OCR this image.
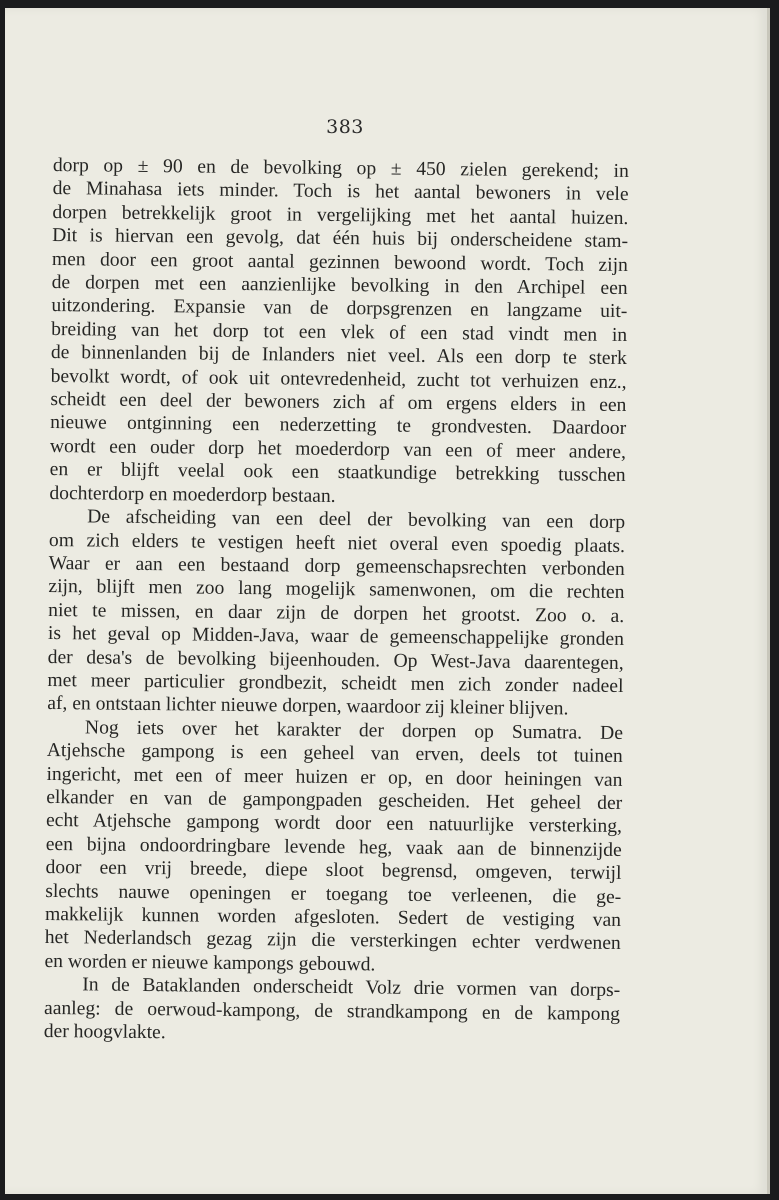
383
dorp op ± 90 en de bevolking op ± 450 zielen gerekend; in
de Minahasa iets minder. Toch is het aantal bewoners in vele
dorpen betrekkelijk groot in vergelijking met het aantal huizen.
Dit is hiervan een gevolg, dat één huis bij onderscheidene stam-
men door een groot aantal gezinnen bewoond wordt. Toch zijn
de dorpen met een aanzienlijke bevolking in den Archipel een
uitzondering. Expansie van de dorpsgrenzen en langzame uit-
breiding van het dorp tot een vlek of een stad vindt men in
de binnenlanden bij de Inlanders niet veel. Als een dorp te sterk
bevolkt wordt, of ook uit ontevredenheid, zucht tot verhuizen enz.,
scheidt een deel der bewoners zich af om ergens elders in een
nieuwe ontginning een nederzetting te grondvesten. Daardoor
wordt een ouder dorp het moederdorp van een of meer andere,
en er blijft veelal ook een staatkundige betrekking tusschen
dochterdorp en moederdorp bestaan.
De afscheiding van een deel der bevolking van een dorp
om zich elders te vestigen heeft niet overal even spoedig plaats.
Waar er aan een bestaand dorp gemeenschapsrechten verbonden
zijn, blijft men zoo lang mogelijk samenwonen, om die rechten
niet te missen, en daar zijn de dorpen het grootst. Zoo o. a.
is het geval op Midden-Java, waar de gemeenschappelijke gronden
der desa's de bevolking bijeenhouden. Op West-Java daarentegen,
met meer particulier grondbezit, scheidt men zich zonder nadeel
af, en ontstaan lichter nieuwe dorpen, waardoor zij kleiner blijven.
Nog iets over het karakter der dorpen op Sumatra. De
Atjehsche gampong is een geheel van erven, deels tot tuinen
ingericht, met een of meer huizen er op, en door heiningen van
elkander en van de gampongpaden gescheiden. Het geheel der
echt Atjehsche gampong wordt door een natuurlijke versterking,
een bijna ondoordringbare levende heg, vaak aan de binnenzijde
door een vrij breede, diepe sloot begrensd, omgeven, terwijl
slechts nauwe openingen er toegang toe verleenen, die ge-
makkelijk kunnen worden afgesloten. Sedert de vestiging van
het Nederlandsch gezag zijn die versterkingen echter verdwenen
en worden er nieuwe kampongs gebouwd.
In de Bataklanden onderscheidt Volz drie vormen van dorps-
aanleg: de oerwoud-kampong, de strandkampong en de kampong
der hoogvlakte.
